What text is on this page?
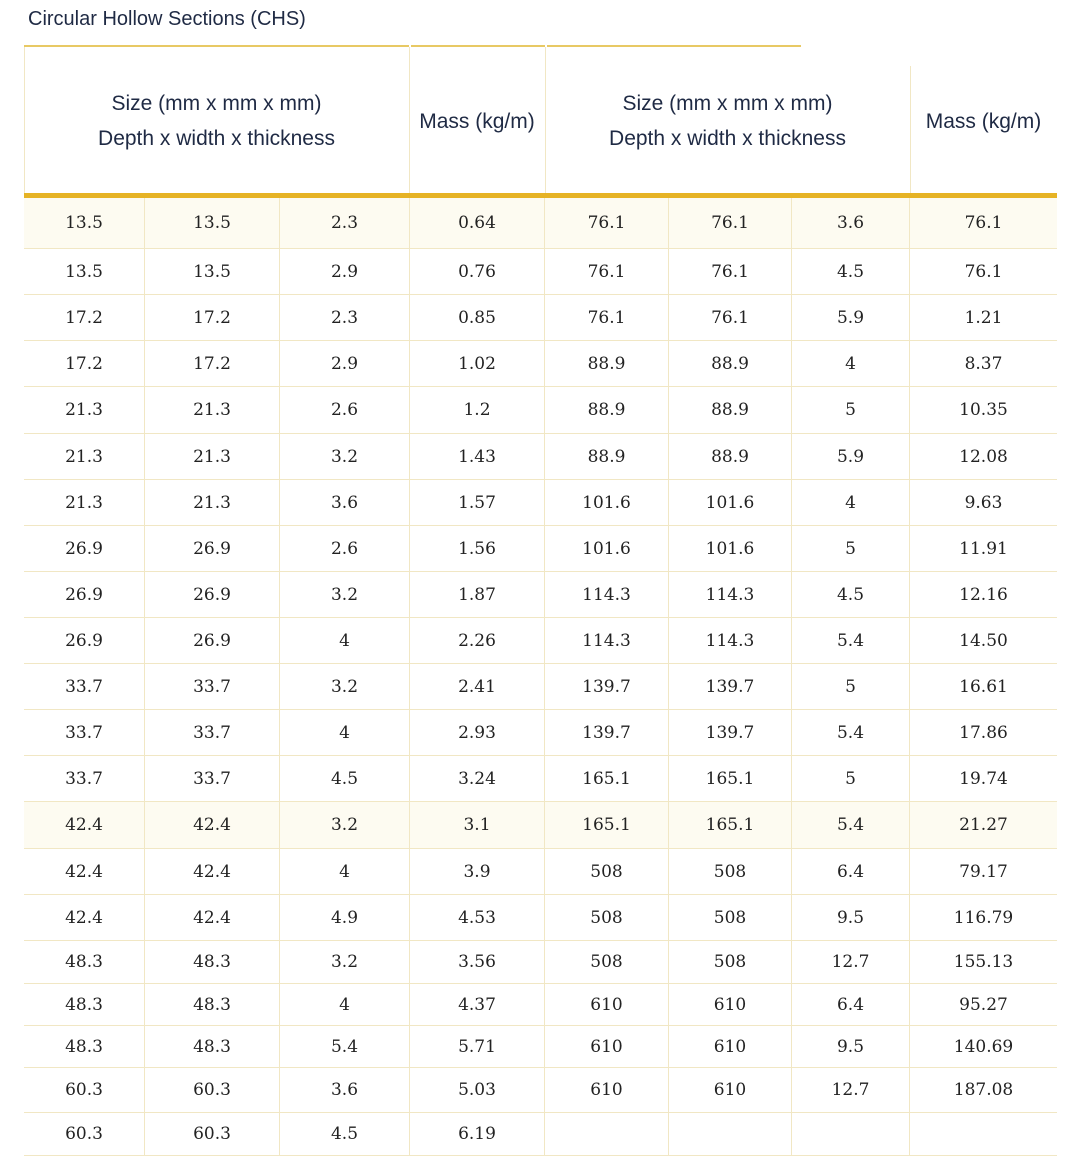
Circular Hollow Sections (CHS)
Size (mm x mm x mm)
Depth x width x thickness
Mass (kg/m)
Size (mm x mm x mm)
Depth x width x thickness
Mass (kg/m)
13.5	13.5	2.3	0.64	76.1	76.1	3.6	76.1
13.5	13.5	2.9	0.76	76.1	76.1	4.5	76.1
17.2	17.2	2.3	0.85	76.1	76.1	5.9	1.21
17.2	17.2	2.9	1.02	88.9	88.9	4	8.37
21.3	21.3	2.6	1.2	88.9	88.9	5	10.35
21.3	21.3	3.2	1.43	88.9	88.9	5.9	12.08
21.3	21.3	3.6	1.57	101.6	101.6	4	9.63
26.9	26.9	2.6	1.56	101.6	101.6	5	11.91
26.9	26.9	3.2	1.87	114.3	114.3	4.5	12.16
26.9	26.9	4	2.26	114.3	114.3	5.4	14.50
33.7	33.7	3.2	2.41	139.7	139.7	5	16.61
33.7	33.7	4	2.93	139.7	139.7	5.4	17.86
33.7	33.7	4.5	3.24	165.1	165.1	5	19.74
42.4	42.4	3.2	3.1	165.1	165.1	5.4	21.27
42.4	42.4	4	3.9	508	508	6.4	79.17
42.4	42.4	4.9	4.53	508	508	9.5	116.79
48.3	48.3	3.2	3.56	508	508	12.7	155.13
48.3	48.3	4	4.37	610	610	6.4	95.27
48.3	48.3	5.4	5.71	610	610	9.5	140.69
60.3	60.3	3.6	5.03	610	610	12.7	187.08
60.3	60.3	4.5	6.19
